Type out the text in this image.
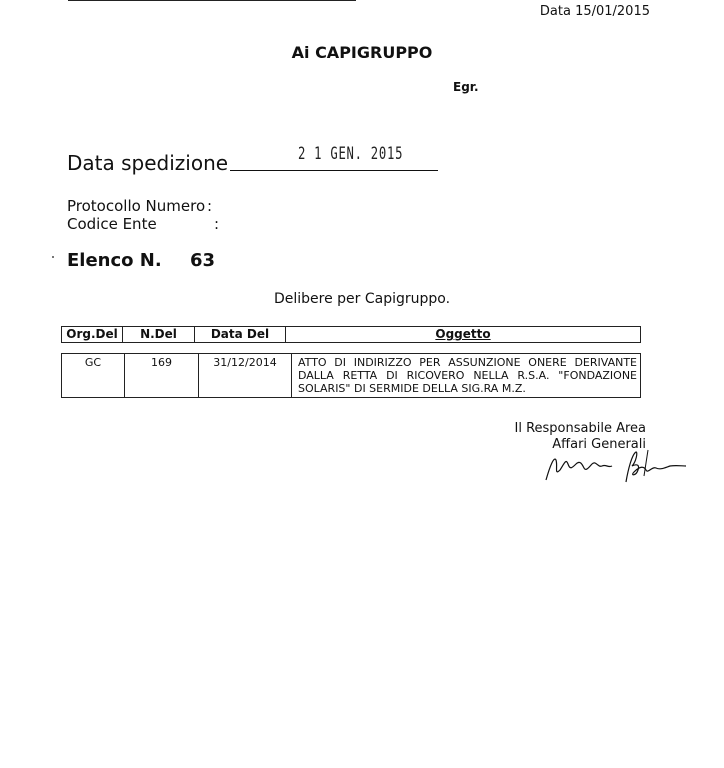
Data 15/01/2015
Ai CAPIGRUPPO
Egr.
Data spedizione	2 1 GEN. 2015
Protocollo Numero :
Codice Ente	:
Elenco N. 63
Delibere per Capigruppo.
Org.Del	N.Del	Data Del	Oggetto
GC	169	31/12/2014	ATTO DI INDIRIZZO PER ASSUNZIONE ONERE DERIVANTE DALLA RETTA DI RICOVERO NELLA R.S.A. "FONDAZIONE SOLARIS" DI SERMIDE DELLA SIG.RA M.Z.
Il Responsabile Area
Affari Generali
